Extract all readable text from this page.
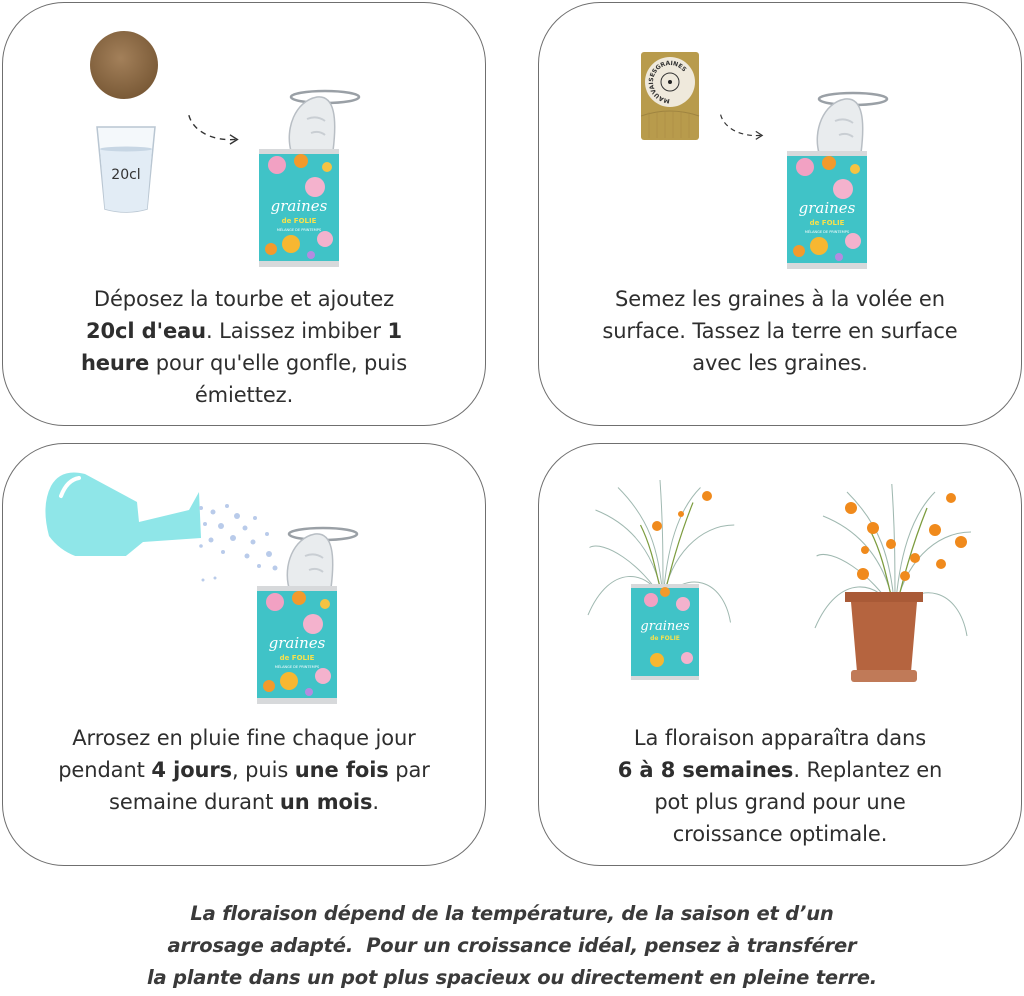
20cl
Déposez la tourbe et ajoutez
20cl d'eau. Laissez imbiber 1
heure pour qu'elle gonfle, puis
émiettez.
MAUVAISESGRAINES
Semez les graines à la volée en
surface. Tassez la terre en surface
avec les graines.
Arrosez en pluie fine chaque jour
pendant 4 jours, puis une fois par
semaine durant un mois.
graines
de FOLIE
La floraison apparaîtra dans
6 à 8 semaines. Replantez en
pot plus grand pour une
croissance optimale.
La floraison dépend de la température, de la saison et d’un
arrosage adapté.  Pour un croissance idéal, pensez à transférer
la plante dans un pot plus spacieux ou directement en pleine terre.
